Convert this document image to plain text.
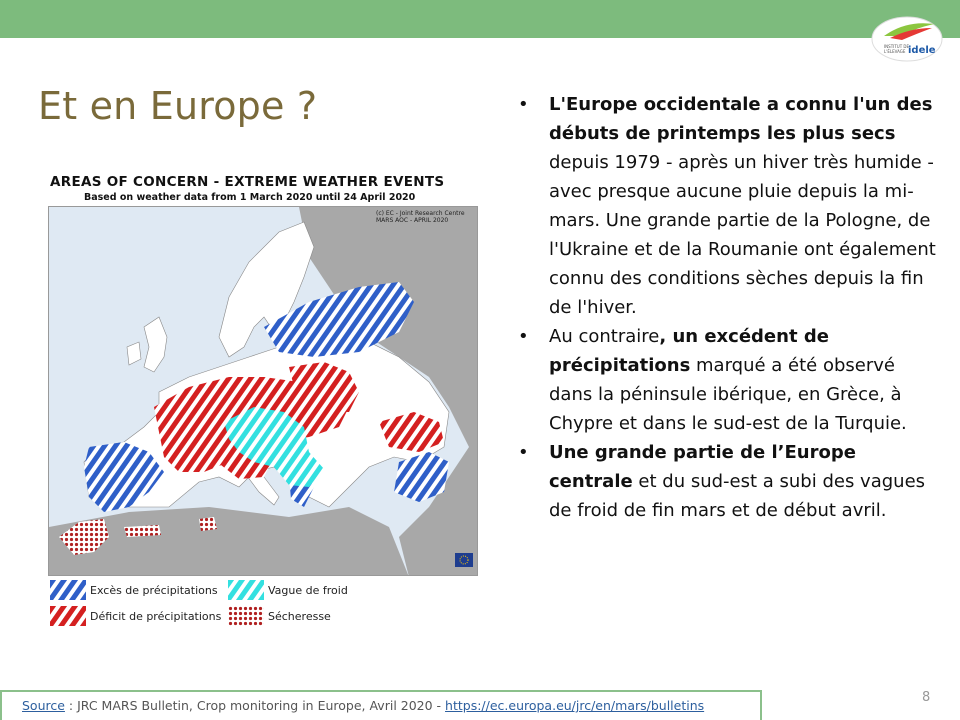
INSTITUT DE
L'ÉLEVAGE idele
Et en Europe ?
AREAS OF CONCERN - EXTREME WEATHER EVENTS
Based on weather data from 1 March 2020 until 24 April 2020
(c) EC - Joint Research Centre
MARS AOC - APRIL 2020
Excès de précipitations	Vague de froid
Déficit de précipitations	Sécheresse
• L'Europe occidentale a connu l'un des débuts de printemps les plus secs depuis 1979 - après un hiver très humide - avec presque aucune pluie depuis la mi-mars. Une grande partie de la Pologne, de l'Ukraine et de la Roumanie ont également connu des conditions sèches depuis la fin de l'hiver.
• Au contraire, un excédent de précipitations marqué a été observé dans la péninsule ibérique, en Grèce, à Chypre et dans le sud-est de la Turquie.
• Une grande partie de l’Europe centrale et du sud-est a subi des vagues de froid de fin mars et de début avril.
Source : JRC MARS Bulletin, Crop monitoring in Europe, Avril 2020 - https://ec.europa.eu/jrc/en/mars/bulletins
8
